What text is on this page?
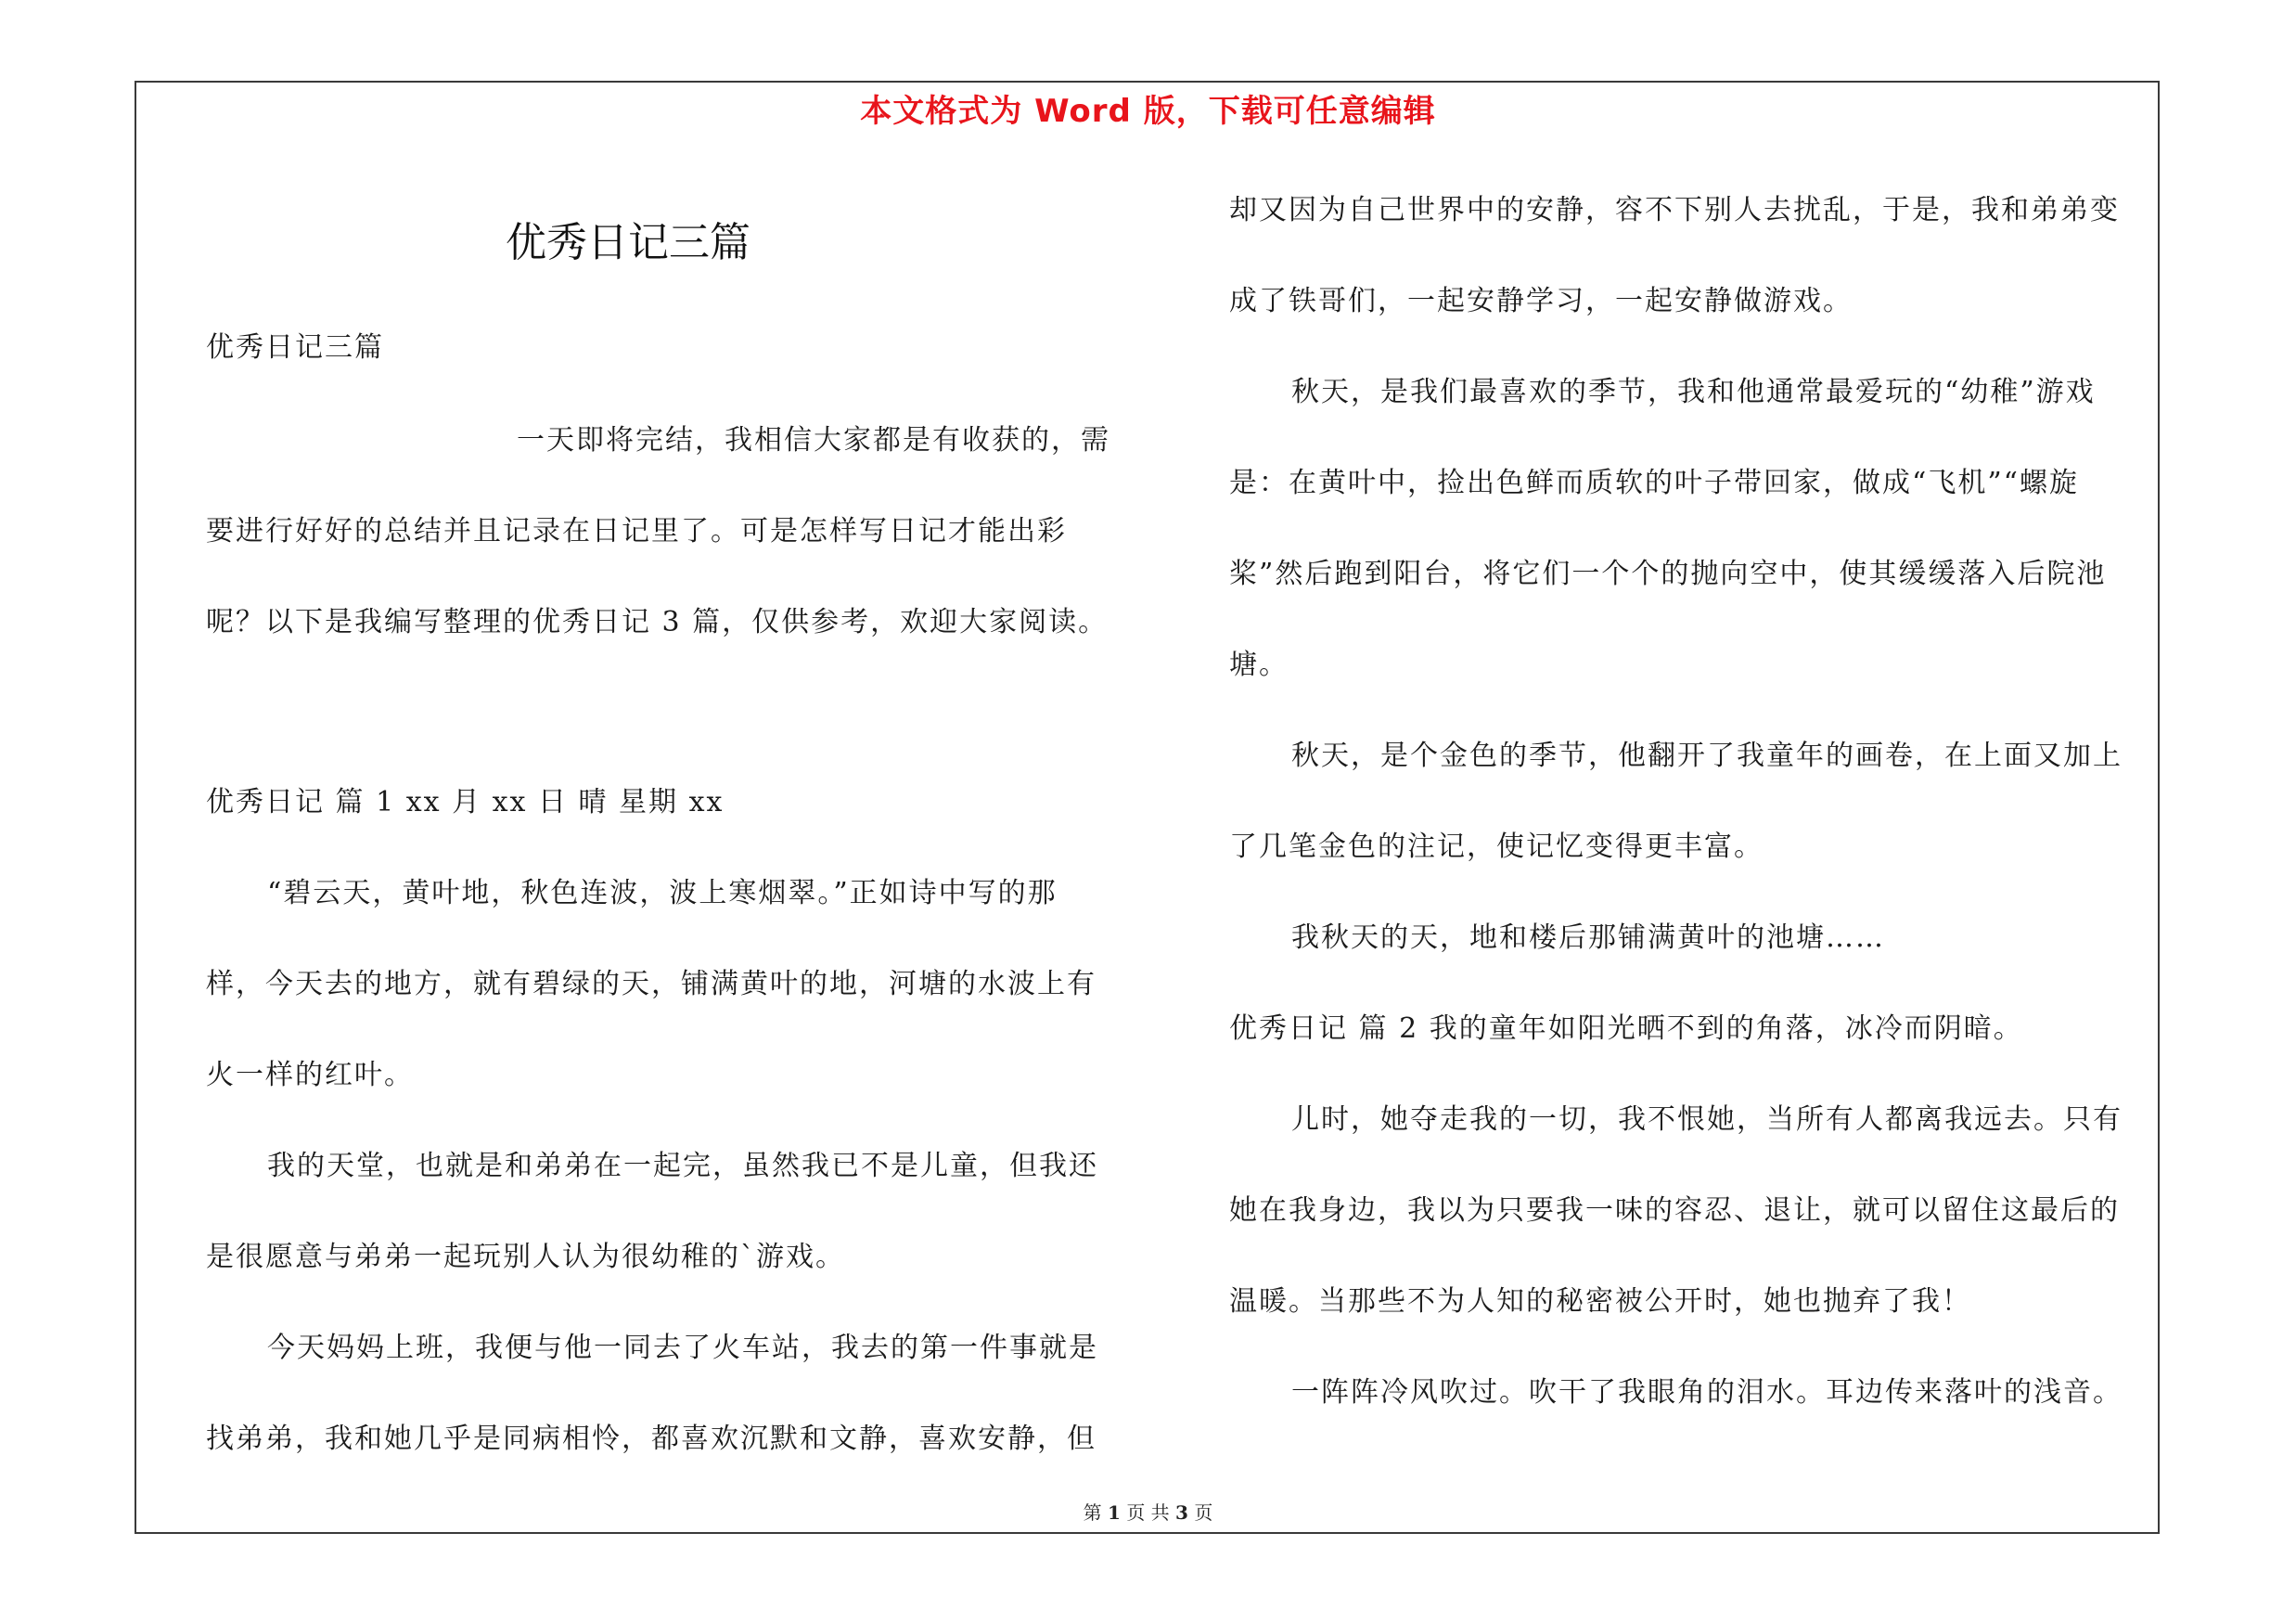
本文格式为 Word 版，下载可任意编辑
优秀日记三篇
优秀日记三篇
一天即将完结，我相信大家都是有收获的，需
要进行好好的总结并且记录在日记里了。可是怎样写日记才能出彩
呢？以下是我编写整理的优秀日记 3 篇，仅供参考，欢迎大家阅读。
优秀日记 篇 1 xx 月 xx 日 晴 星期 xx
“碧云天，黄叶地，秋色连波，波上寒烟翠。”正如诗中写的那
样，今天去的地方，就有碧绿的天，铺满黄叶的地，河塘的水波上有
火一样的红叶。
我的天堂，也就是和弟弟在一起完，虽然我已不是儿童，但我还
是很愿意与弟弟一起玩别人认为很幼稚的`游戏。
今天妈妈上班，我便与他一同去了火车站，我去的第一件事就是
找弟弟，我和她几乎是同病相怜，都喜欢沉默和文静，喜欢安静，但
却又因为自己世界中的安静，容不下别人去扰乱，于是，我和弟弟变
成了铁哥们，一起安静学习，一起安静做游戏。
秋天，是我们最喜欢的季节，我和他通常最爱玩的“幼稚”游戏
是：在黄叶中，捡出色鲜而质软的叶子带回家，做成“飞机”“螺旋
桨”然后跑到阳台，将它们一个个的抛向空中，使其缓缓落入后院池
塘。
秋天，是个金色的季节，他翻开了我童年的画卷，在上面又加上
了几笔金色的注记，使记忆变得更丰富。
我秋天的天，地和楼后那铺满黄叶的池塘……
优秀日记 篇 2 我的童年如阳光晒不到的角落，冰冷而阴暗。
儿时，她夺走我的一切，我不恨她，当所有人都离我远去。只有
她在我身边，我以为只要我一味的容忍、退让，就可以留住这最后的
温暖。当那些不为人知的秘密被公开时，她也抛弃了我！
一阵阵冷风吹过。吹干了我眼角的泪水。耳边传来落叶的浅音。
第 1 页 共 3 页
